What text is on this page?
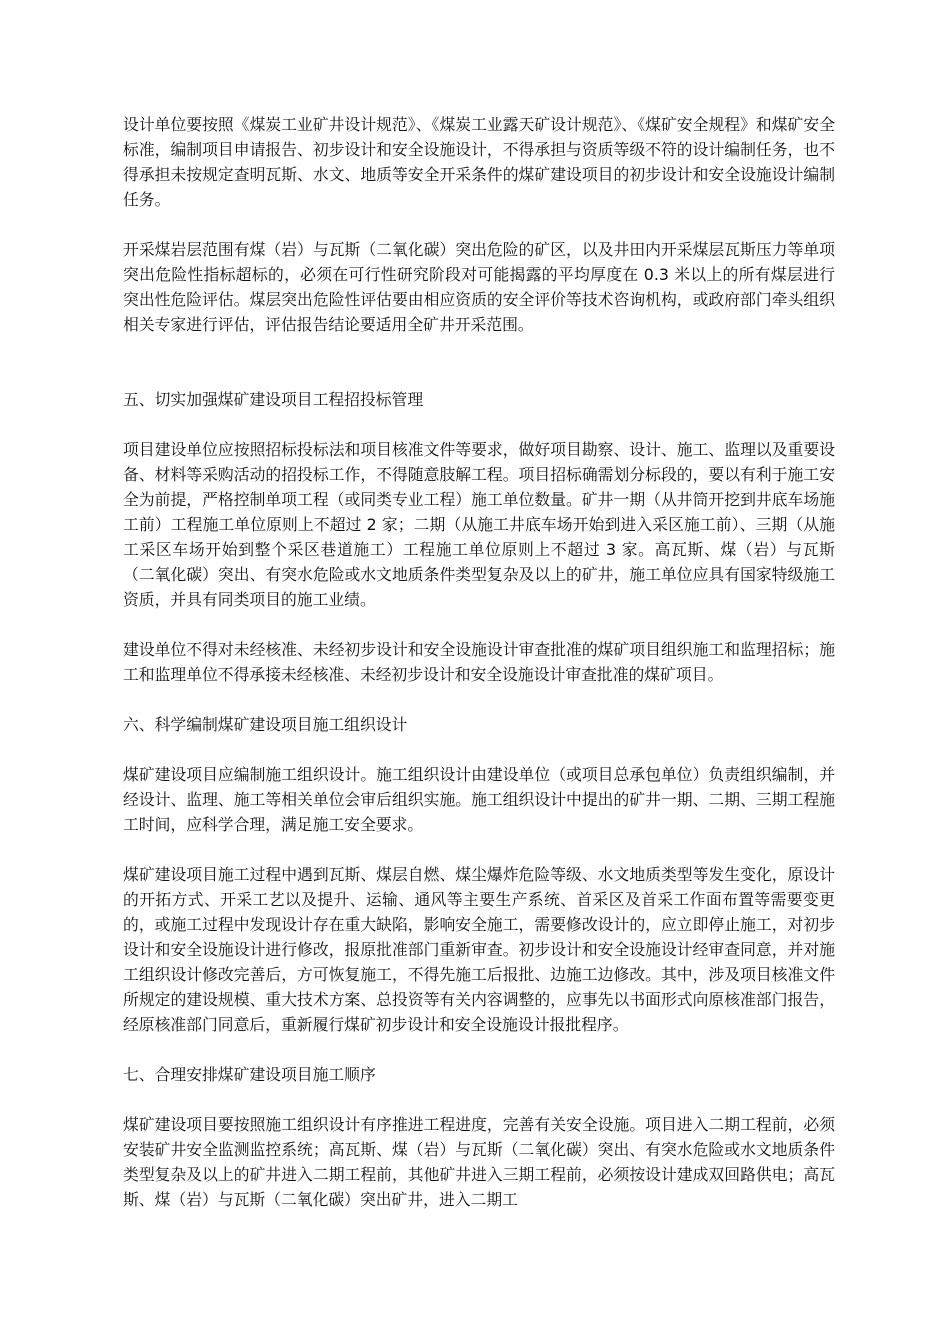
设计单位要按照《煤炭工业矿井设计规范》、《煤炭工业露天矿设计规范》、《煤矿安全规程》和煤矿安全标准，编制项目申请报告、初步设计和安全设施设计，不得承担与资质等级不符的设计编制任务，也不得承担未按规定查明瓦斯、水文、地质等安全开采条件的煤矿建设项目的初步设计和安全设施设计编制任务。

开采煤岩层范围有煤（岩）与瓦斯（二氧化碳）突出危险的矿区，以及井田内开采煤层瓦斯压力等单项突出危险性指标超标的，必须在可行性研究阶段对可能揭露的平均厚度在 0.3 米以上的所有煤层进行突出性危险评估。煤层突出危险性评估要由相应资质的安全评价等技术咨询机构，或政府部门牵头组织相关专家进行评估，评估报告结论要适用全矿井开采范围。

五、切实加强煤矿建设项目工程招投标管理

项目建设单位应按照招标投标法和项目核准文件等要求，做好项目勘察、设计、施工、监理以及重要设备、材料等采购活动的招投标工作，不得随意肢解工程。项目招标确需划分标段的，要以有利于施工安全为前提，严格控制单项工程（或同类专业工程）施工单位数量。矿井一期（从井筒开挖到井底车场施工前）工程施工单位原则上不超过 2 家；二期（从施工井底车场开始到进入采区施工前）、三期（从施工采区车场开始到整个采区巷道施工）工程施工单位原则上不超过 3 家。高瓦斯、煤（岩）与瓦斯（二氧化碳）突出、有突水危险或水文地质条件类型复杂及以上的矿井，施工单位应具有国家特级施工资质，并具有同类项目的施工业绩。

建设单位不得对未经核准、未经初步设计和安全设施设计审查批准的煤矿项目组织施工和监理招标；施工和监理单位不得承接未经核准、未经初步设计和安全设施设计审查批准的煤矿项目。

六、科学编制煤矿建设项目施工组织设计

煤矿建设项目应编制施工组织设计。施工组织设计由建设单位（或项目总承包单位）负责组织编制，并经设计、监理、施工等相关单位会审后组织实施。施工组织设计中提出的矿井一期、二期、三期工程施工时间，应科学合理，满足施工安全要求。

煤矿建设项目施工过程中遇到瓦斯、煤层自燃、煤尘爆炸危险等级、水文地质类型等发生变化，原设计的开拓方式、开采工艺以及提升、运输、通风等主要生产系统、首采区及首采工作面布置等需要变更的，或施工过程中发现设计存在重大缺陷，影响安全施工，需要修改设计的，应立即停止施工，对初步设计和安全设施设计进行修改，报原批准部门重新审查。初步设计和安全设施设计经审查同意，并对施工组织设计修改完善后，方可恢复施工，不得先施工后报批、边施工边修改。其中，涉及项目核准文件所规定的建设规模、重大技术方案、总投资等有关内容调整的，应事先以书面形式向原核准部门报告，经原核准部门同意后，重新履行煤矿初步设计和安全设施设计报批程序。

七、合理安排煤矿建设项目施工顺序

煤矿建设项目要按照施工组织设计有序推进工程进度，完善有关安全设施。项目进入二期工程前，必须安装矿井安全监测监控系统；高瓦斯、煤（岩）与瓦斯（二氧化碳）突出、有突水危险或水文地质条件类型复杂及以上的矿井进入二期工程前，其他矿井进入三期工程前，必须按设计建成双回路供电；高瓦斯、煤（岩）与瓦斯（二氧化碳）突出矿井，进入二期工
